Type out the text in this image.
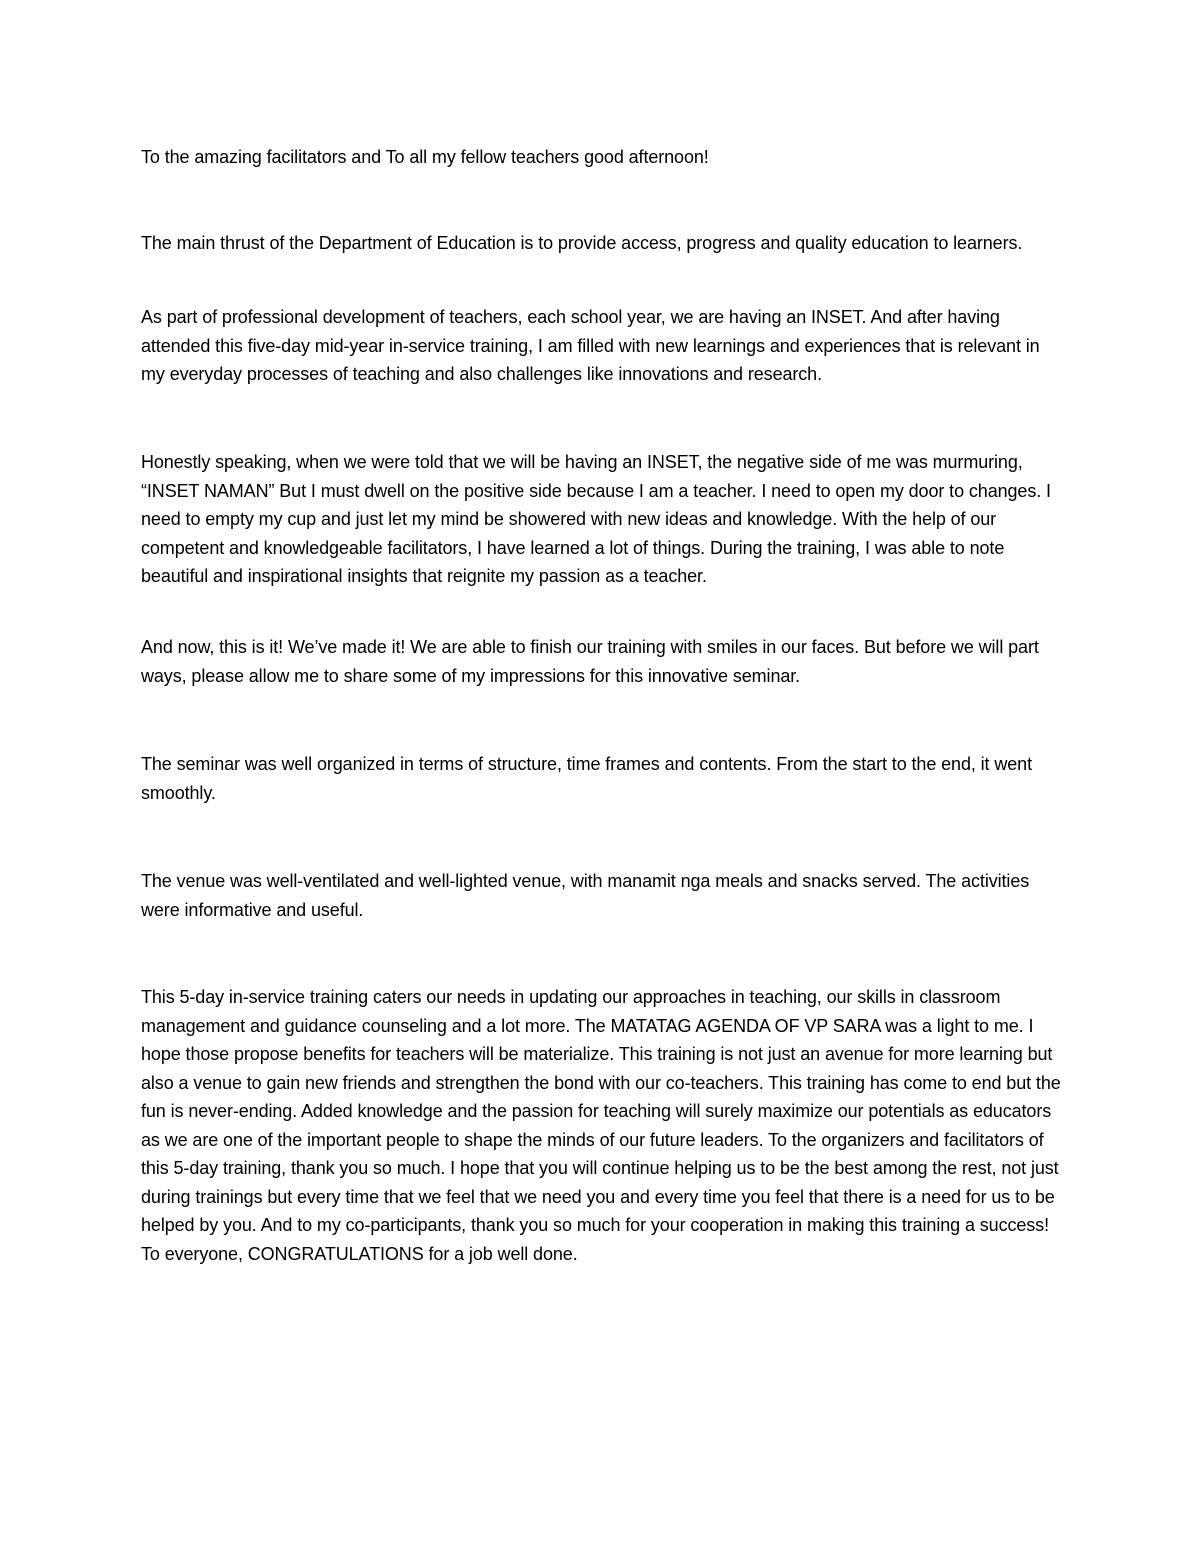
To the amazing facilitators and To all my fellow teachers good afternoon!

The main thrust of the Department of Education is to provide access, progress and quality education to learners.

As part of professional development of teachers, each school year, we are having an INSET. And after having attended this five-day mid-year in-service training, I am filled with new learnings and experiences that is relevant in my everyday processes of teaching and also challenges like innovations and research.

Honestly speaking, when we were told that we will be having an INSET, the negative side of me was murmuring, “INSET NAMAN” But I must dwell on the positive side because I am a teacher. I need to open my door to changes. I need to empty my cup and just let my mind be showered with new ideas and knowledge. With the help of our competent and knowledgeable facilitators, I have learned a lot of things. During the training, I was able to note beautiful and inspirational insights that reignite my passion as a teacher.

And now, this is it! We’ve made it! We are able to finish our training with smiles in our faces. But before we will part ways, please allow me to share some of my impressions for this innovative seminar.

The seminar was well organized in terms of structure, time frames and contents. From the start to the end, it went smoothly.

The venue was well-ventilated and well-lighted venue, with manamit nga meals and snacks served. The activities were informative and useful.

This 5-day in-service training caters our needs in updating our approaches in teaching, our skills in classroom management and guidance counseling and a lot more. The MATATAG AGENDA OF VP SARA was a light to me. I hope those propose benefits for teachers will be materialize. This training is not just an avenue for more learning but also a venue to gain new friends and strengthen the bond with our co-teachers. This training has come to end but the fun is never-ending. Added knowledge and the passion for teaching will surely maximize our potentials as educators as we are one of the important people to shape the minds of our future leaders. To the organizers and facilitators of this 5-day training, thank you so much. I hope that you will continue helping us to be the best among the rest, not just during trainings but every time that we feel that we need you and every time you feel that there is a need for us to be helped by you. And to my co-participants, thank you so much for your cooperation in making this training a success! To everyone, CONGRATULATIONS for a job well done.
